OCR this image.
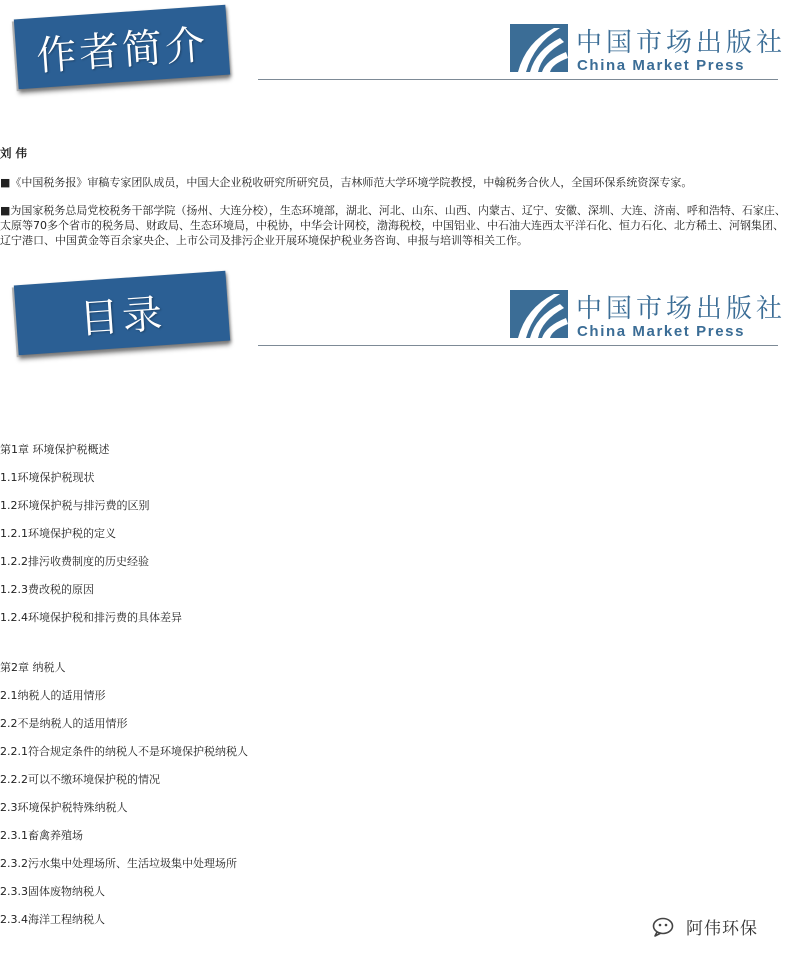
作者简介	中国市场出版社
China Market Press

刘 伟

■《中国税务报》审稿专家团队成员，中国大企业税收研究所研究员，吉林师范大学环境学院教授，中翰税务合伙人，全国环保系统资深专家。

■为国家税务总局党校税务干部学院（扬州、大连分校），生态环境部，湖北、河北、山东、山西、内蒙古、辽宁、安徽、深圳、大连、济南、呼和浩特、石家庄、太原等70多个省市的税务局、财政局、生态环境局，中税协，中华会计网校，渤海税校，中国铝业、中石油大连西太平洋石化、恒力石化、北方稀土、河钢集团、辽宁港口、中国黄金等百余家央企、上市公司及排污企业开展环境保护税业务咨询、申报与培训等相关工作。

目录	中国市场出版社
China Market Press
第1章 环境保护税概述
1.1环境保护税现状
1.2环境保护税与排污费的区别
1.2.1环境保护税的定义
1.2.2排污收费制度的历史经验
1.2.3费改税的原因
1.2.4环境保护税和排污费的具体差异
第2章 纳税人
2.1纳税人的适用情形
2.2不是纳税人的适用情形
2.2.1符合规定条件的纳税人不是环境保护税纳税人
2.2.2可以不缴环境保护税的情况
2.3环境保护税特殊纳税人
2.3.1畜禽养殖场
2.3.2污水集中处理场所、生活垃圾集中处理场所
2.3.3固体废物纳税人
2.3.4海洋工程纳税人	阿伟环保
